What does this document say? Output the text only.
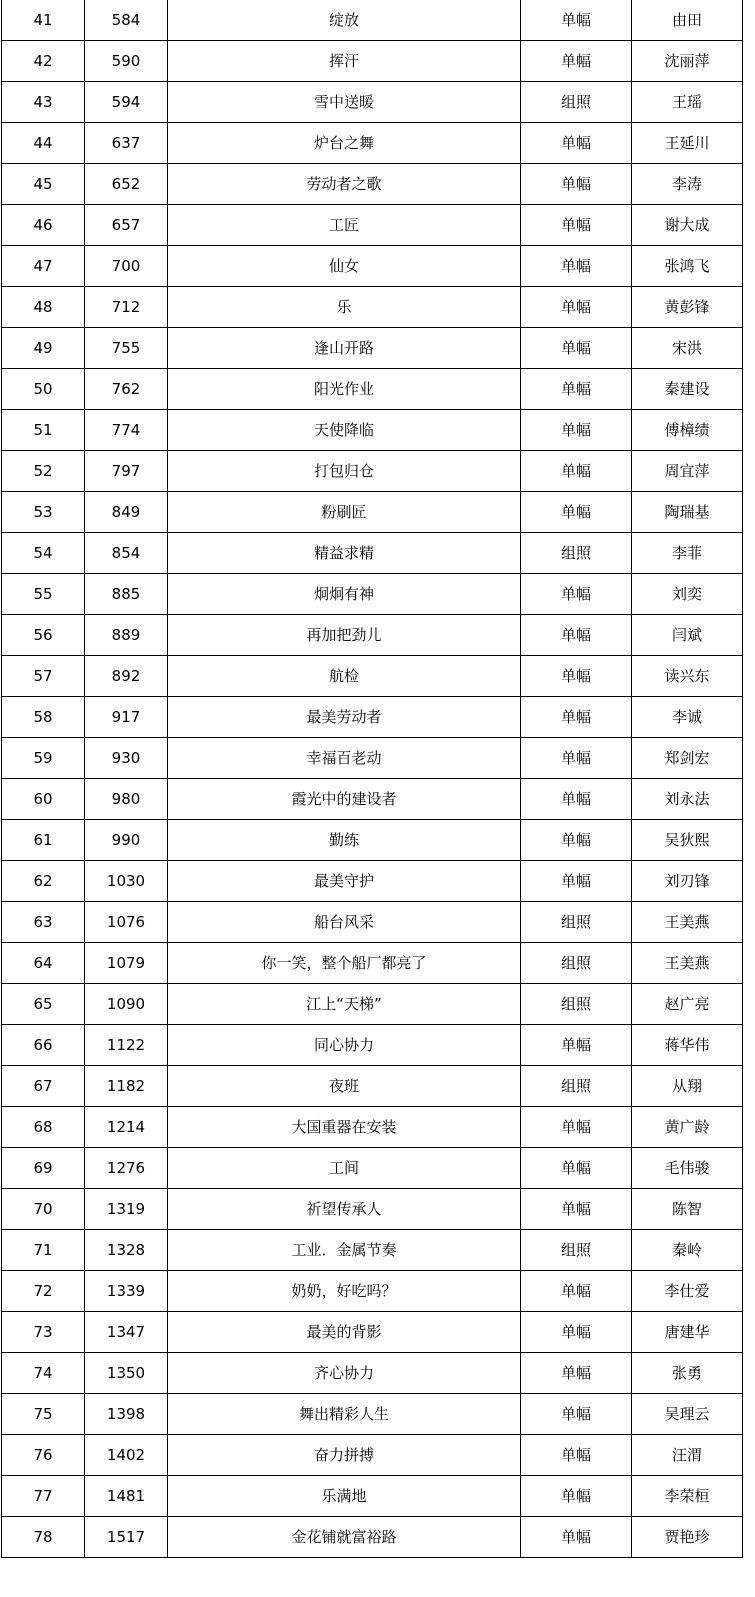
41	584	绽放	单幅	由田
42	590	挥汗	单幅	沈丽萍
43	594	雪中送暖	组照	王瑶
44	637	炉台之舞	单幅	王延川
45	652	劳动者之歌	单幅	李涛
46	657	工匠	单幅	谢大成
47	700	仙女	单幅	张鸿飞
48	712	乐	单幅	黄彭锋
49	755	逢山开路	单幅	宋洪
50	762	阳光作业	单幅	秦建设
51	774	天使降临	单幅	傅樟绩
52	797	打包归仓	单幅	周宜萍
53	849	粉刷匠	单幅	陶瑞基
54	854	精益求精	组照	李菲
55	885	炯炯有神	单幅	刘奕
56	889	再加把劲儿	单幅	闫斌
57	892	航检	单幅	读兴东
58	917	最美劳动者	单幅	李诚
59	930	幸福百老动	单幅	郑剑宏
60	980	霞光中的建设者	单幅	刘永法
61	990	勤练	单幅	吴狄熙
62	1030	最美守护	单幅	刘刃锋
63	1076	船台风采	组照	王美燕
64	1079	你一笑，整个船厂都亮了	组照	王美燕
65	1090	江上“天梯”	组照	赵广亮
66	1122	同心协力	单幅	蒋华伟
67	1182	夜班	组照	从翔
68	1214	大国重器在安装	单幅	黄广龄
69	1276	工间	单幅	毛伟骏
70	1319	祈望传承人	单幅	陈智
71	1328	工业．金属节奏	组照	秦岭
72	1339	奶奶，好吃吗？	单幅	李仕爱
73	1347	最美的背影	单幅	唐建华
74	1350	齐心协力	单幅	张勇
75	1398	舞出精彩人生	单幅	吴理云
76	1402	奋力拼搏	单幅	汪渭
77	1481	乐满地	单幅	李荣桓
78	1517	金花铺就富裕路	单幅	贾艳珍
